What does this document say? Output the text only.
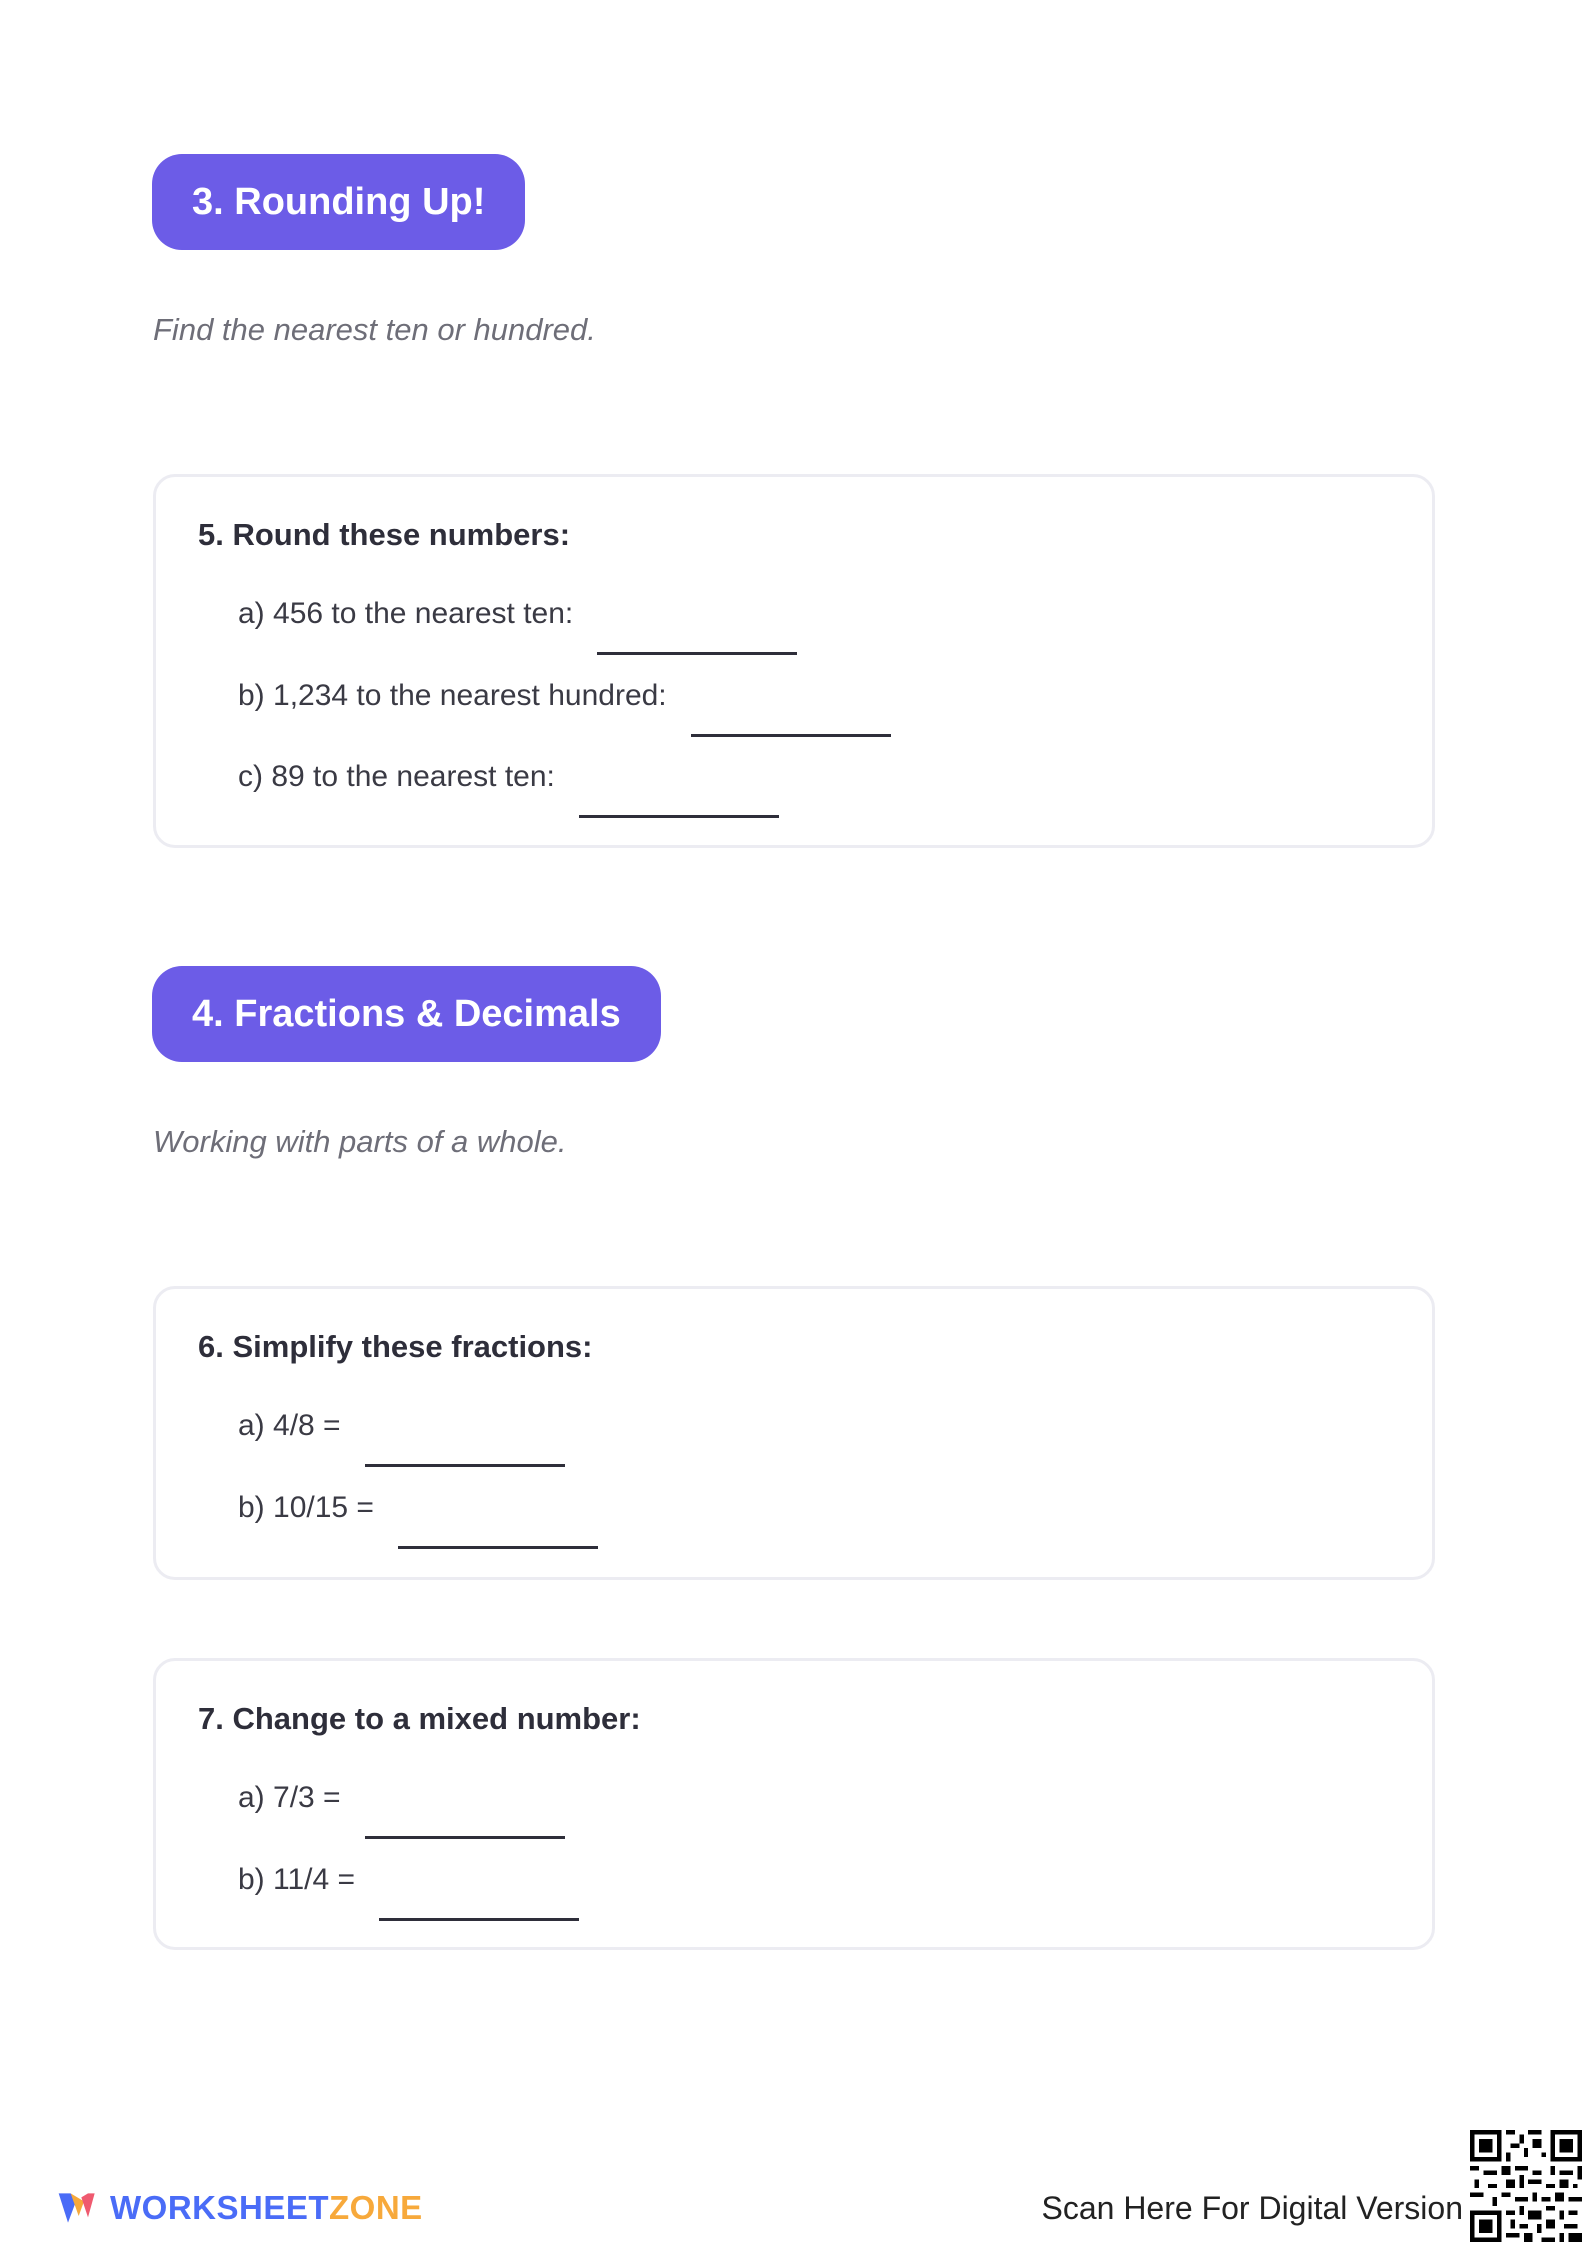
3. Rounding Up!
Find the nearest ten or hundred.
5. Round these numbers:
a) 456 to the nearest ten:
b) 1,234 to the nearest hundred:
c) 89 to the nearest ten:
4. Fractions & Decimals
Working with parts of a whole.
6. Simplify these fractions:
a) 4/8 =
b) 10/15 =
7. Change to a mixed number:
a) 7/3 =
b) 11/4 =
WORKSHEETZONE	Scan Here For Digital Version
